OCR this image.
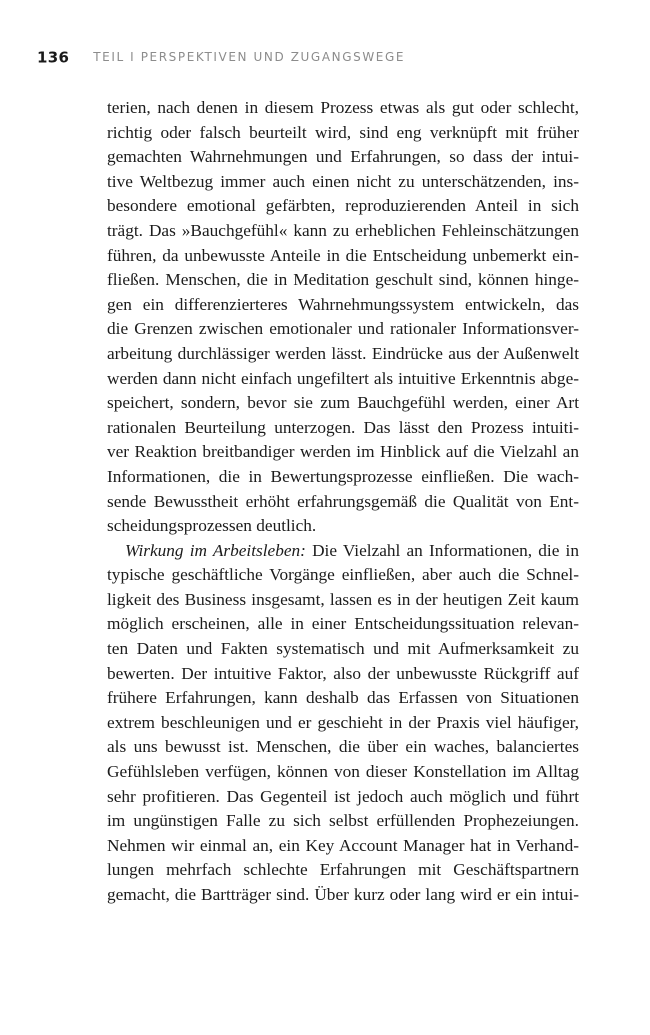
136 TEIL I PERSPEKTIVEN UND ZUGANGSWEGE
terien, nach denen in diesem Prozess etwas als gut oder schlecht,
richtig oder falsch beurteilt wird, sind eng verknüpft mit früher
gemachten Wahrnehmungen und Erfahrungen, so dass der intui-
tive Weltbezug immer auch einen nicht zu unterschätzenden, ins-
besondere emotional gefärbten, reproduzierenden Anteil in sich
trägt. Das »Bauchgefühl« kann zu erheblichen Fehleinschätzungen
führen, da unbewusste Anteile in die Entscheidung unbemerkt ein-
fließen. Menschen, die in Meditation geschult sind, können hinge-
gen ein differenzierteres Wahrnehmungssystem entwickeln, das
die Grenzen zwischen emotionaler und rationaler Informationsver-
arbeitung durchlässiger werden lässt. Eindrücke aus der Außenwelt
werden dann nicht einfach ungefiltert als intuitive Erkenntnis abge-
speichert, sondern, bevor sie zum Bauchgefühl werden, einer Art
rationalen Beurteilung unterzogen. Das lässt den Prozess intuiti-
ver Reaktion breitbandiger werden im Hinblick auf die Vielzahl an
Informationen, die in Bewertungsprozesse einfließen. Die wach-
sende Bewusstheit erhöht erfahrungsgemäß die Qualität von Ent-
scheidungsprozessen deutlich.
Wirkung im Arbeitsleben: Die Vielzahl an Informationen, die in
typische geschäftliche Vorgänge einfließen, aber auch die Schnel-
ligkeit des Business insgesamt, lassen es in der heutigen Zeit kaum
möglich erscheinen, alle in einer Entscheidungssituation relevan-
ten Daten und Fakten systematisch und mit Aufmerksamkeit zu
bewerten. Der intuitive Faktor, also der unbewusste Rückgriff auf
frühere Erfahrungen, kann deshalb das Erfassen von Situationen
extrem beschleunigen und er geschieht in der Praxis viel häufiger,
als uns bewusst ist. Menschen, die über ein waches, balanciertes
Gefühlsleben verfügen, können von dieser Konstellation im Alltag
sehr profitieren. Das Gegenteil ist jedoch auch möglich und führt
im ungünstigen Falle zu sich selbst erfüllenden Prophezeiungen.
Nehmen wir einmal an, ein Key Account Manager hat in Verhand-
lungen mehrfach schlechte Erfahrungen mit Geschäftspartnern
gemacht, die Bartträger sind. Über kurz oder lang wird er ein intui-
